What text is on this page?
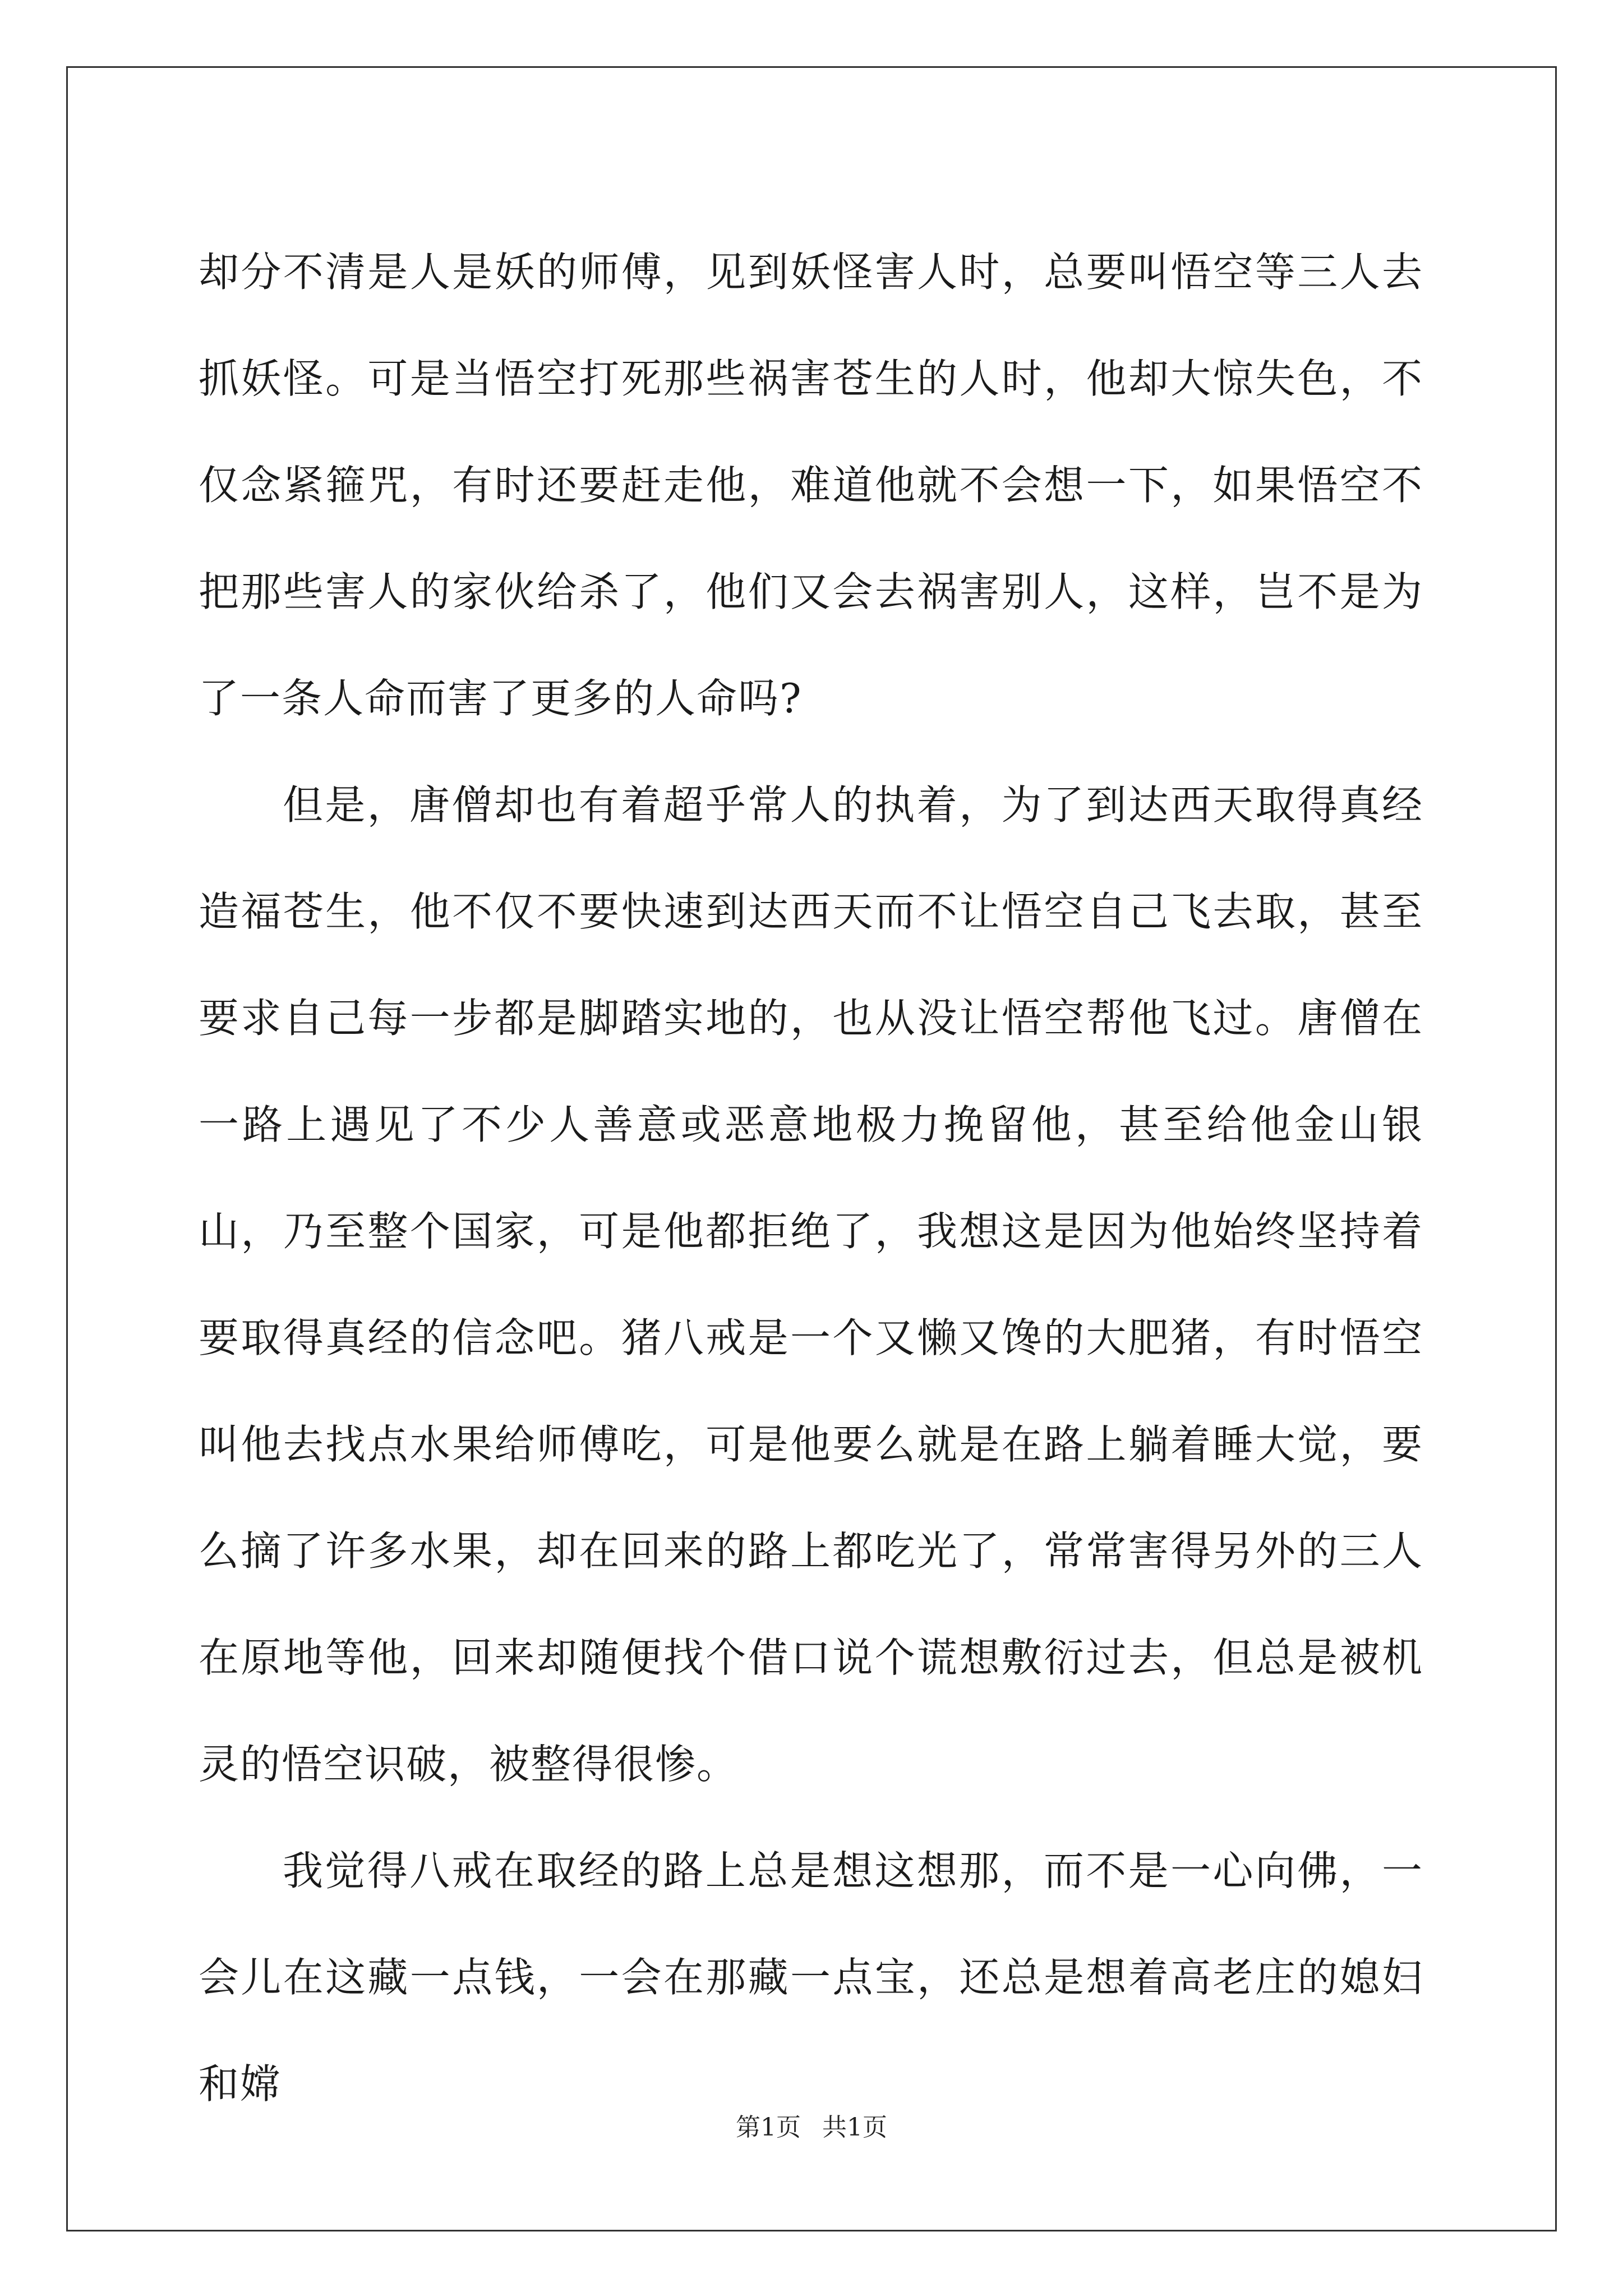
却分不清是人是妖的师傅，见到妖怪害人时，总要叫悟空等三人去抓妖怪。可是当悟空打死那些祸害苍生的人时，他却大惊失色，不仅念紧箍咒，有时还要赶走他，难道他就不会想一下，如果悟空不把那些害人的家伙给杀了，他们又会去祸害别人，这样，岂不是为了一条人命而害了更多的人命吗?

但是，唐僧却也有着超乎常人的执着，为了到达西天取得真经造福苍生，他不仅不要快速到达西天而不让悟空自己飞去取，甚至要求自己每一步都是脚踏实地的，也从没让悟空帮他飞过。唐僧在一路上遇见了不少人善意或恶意地极力挽留他，甚至给他金山银山，乃至整个国家，可是他都拒绝了，我想这是因为他始终坚持着要取得真经的信念吧。猪八戒是一个又懒又馋的大肥猪，有时悟空叫他去找点水果给师傅吃，可是他要么就是在路上躺着睡大觉，要么摘了许多水果，却在回来的路上都吃光了，常常害得另外的三人在原地等他，回来却随便找个借口说个谎想敷衍过去，但总是被机灵的悟空识破，被整得很惨。

我觉得八戒在取经的路上总是想这想那，而不是一心向佛，一会儿在这藏一点钱，一会在那藏一点宝，还总是想着高老庄的媳妇和嫦

第1页 共1页
